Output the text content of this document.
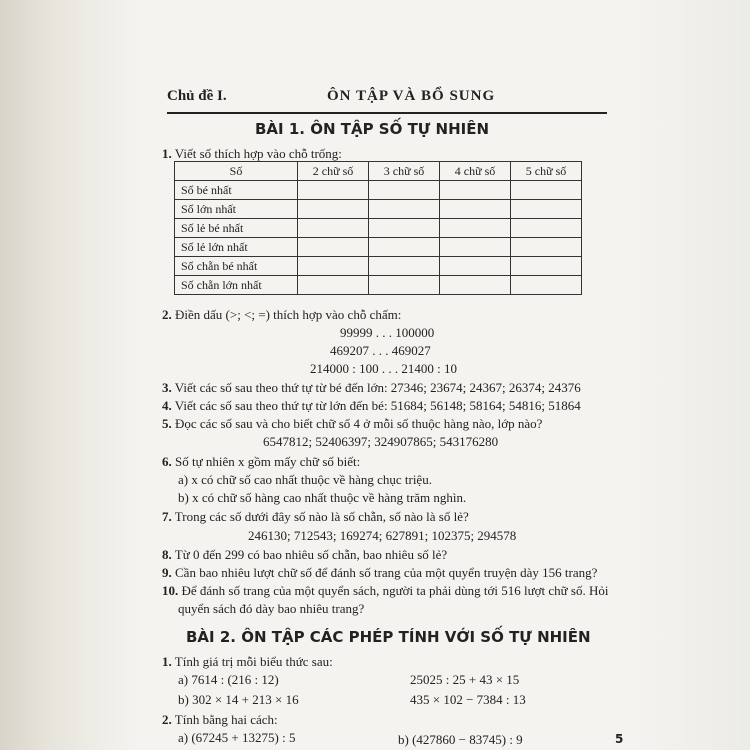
Chủ đề I.	ÔN TẬP VÀ BỔ SUNG
BÀI 1. ÔN TẬP SỐ TỰ NHIÊN
1. Viết số thích hợp vào chỗ trống:
Số	2 chữ số	3 chữ số	4 chữ số	5 chữ số
Số bé nhất				
Số lớn nhất				
Số lẻ bé nhất				
Số lẻ lớn nhất				
Số chẵn bé nhất				
Số chẵn lớn nhất				
2. Điền dấu (>; <; =) thích hợp vào chỗ chấm:
99999 . . . 100000
469207 . . . 469027
214000 : 100 . . . 21400 : 10
3. Viết các số sau theo thứ tự từ bé đến lớn: 27346; 23674; 24367; 26374; 24376
4. Viết các số sau theo thứ tự từ lớn đến bé: 51684; 56148; 58164; 54816; 51864
5. Đọc các số sau và cho biết chữ số 4 ở mỗi số thuộc hàng nào, lớp nào?
6547812; 52406397; 324907865; 543176280
6. Số tự nhiên x gồm mấy chữ số biết:
a) x có chữ số cao nhất thuộc về hàng chục triệu.
b) x có chữ số hàng cao nhất thuộc về hàng trăm nghìn.
7. Trong các số dưới đây số nào là số chẵn, số nào là số lẻ?
246130; 712543; 169274; 627891; 102375; 294578
8. Từ 0 đến 299 có bao nhiêu số chẵn, bao nhiêu số lẻ?
9. Cần bao nhiêu lượt chữ số để đánh số trang của một quyển truyện dày 156 trang?
10. Để đánh số trang của một quyển sách, người ta phải dùng tới 516 lượt chữ số. Hỏi
quyển sách đó dày bao nhiêu trang?
BÀI 2. ÔN TẬP CÁC PHÉP TÍNH VỚI SỐ TỰ NHIÊN
1. Tính giá trị mỗi biểu thức sau:
a) 7614 : (216 : 12)	25025 : 25 + 43 × 15
b) 302 × 14 + 213 × 16	435 × 102 − 7384 : 13
2. Tính bằng hai cách:
a) (67245 + 13275) : 5	b) (427860 − 83745) : 9	5
